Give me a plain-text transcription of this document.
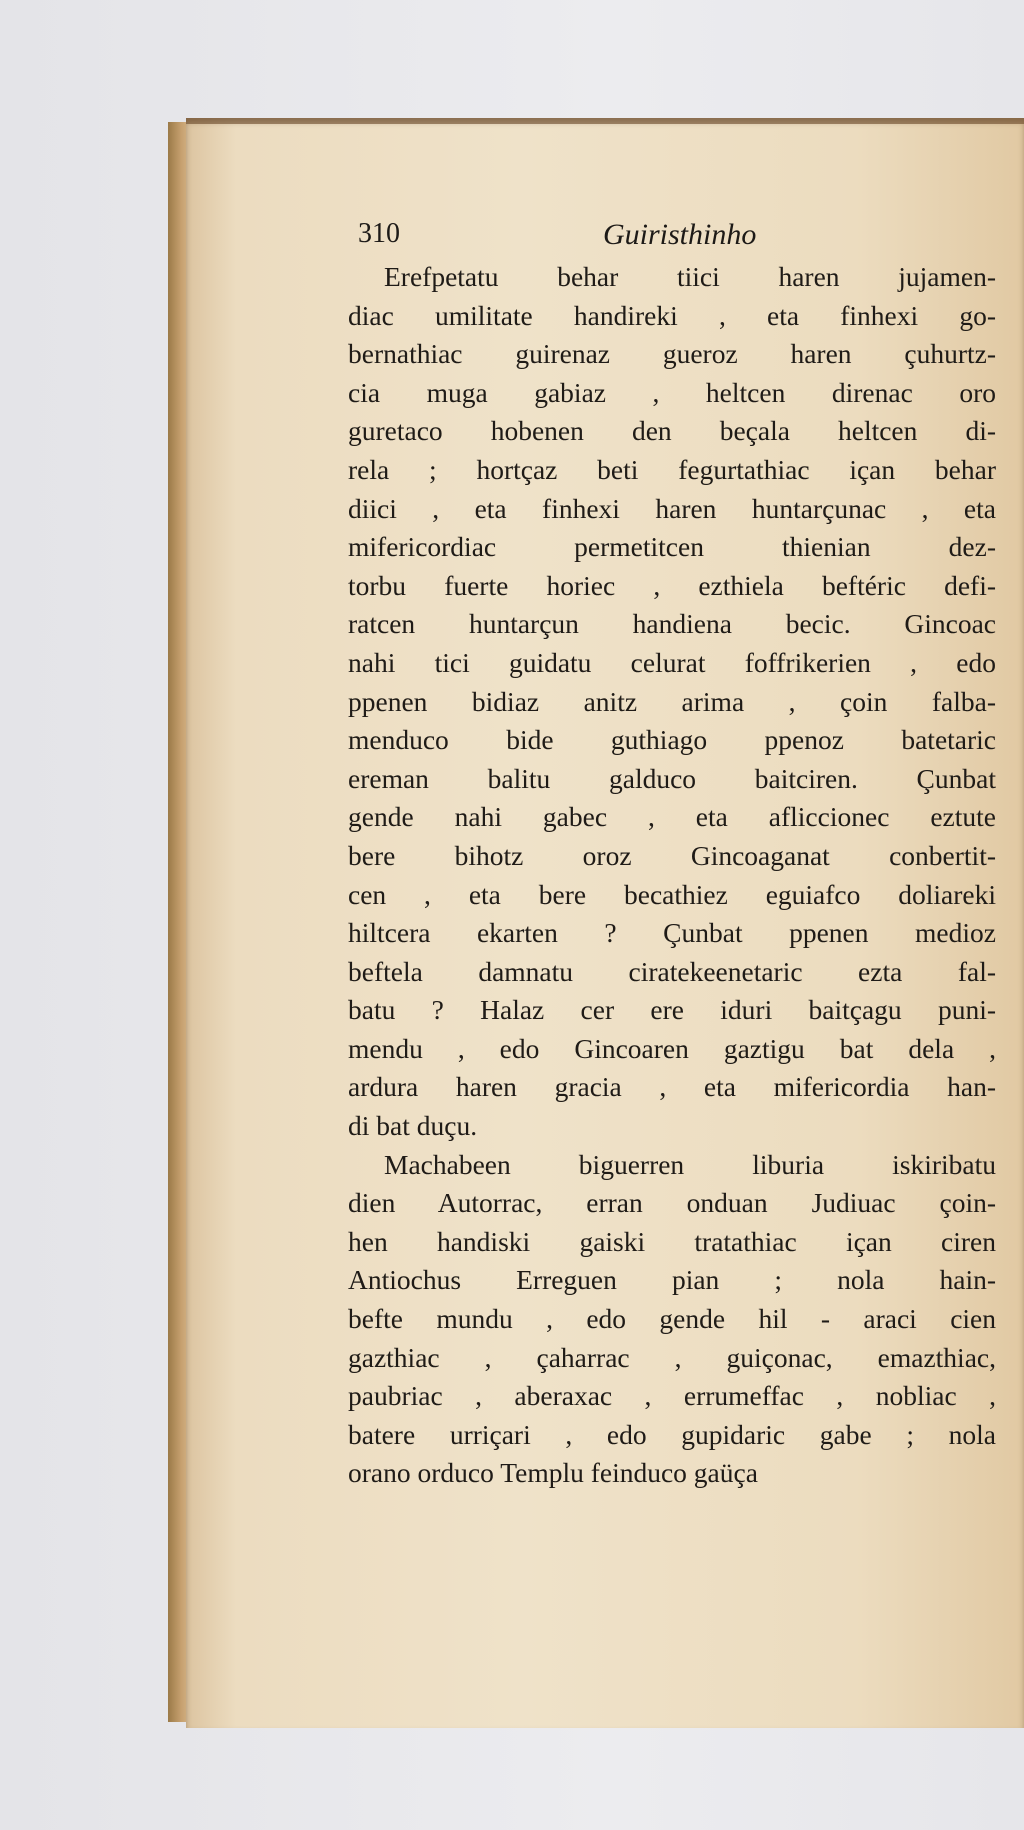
310	Guiristhinho
Erefpetatu behar tiici haren jujamen-
diac umilitate handireki , eta finhexi go-
bernathiac guirenaz gueroz haren çuhurtz-
cia muga gabiaz , heltcen direnac oro
guretaco hobenen den beçala heltcen di-
rela ; hortçaz beti fegurtathiac içan behar
diici , eta finhexi haren huntarçunac , eta
mifericordiac permetitcen thienian dez-
torbu fuerte horiec , ezthiela beftéric defi-
ratcen huntarçun handiena becic. Gincoac
nahi tici guidatu celurat foffrikerien , edo
ppenen bidiaz anitz arima , çoin falba-
menduco bide guthiago ppenoz batetaric
ereman balitu galduco baitciren. Çunbat
gende nahi gabec , eta afliccionec eztute
bere bihotz oroz Gincoaganat conbertit-
cen , eta bere becathiez eguiafco doliareki
hiltcera ekarten ? Çunbat ppenen medioz
beftela damnatu ciratekeenetaric ezta fal-
batu ? Halaz cer ere iduri baitçagu puni-
mendu , edo Gincoaren gaztigu bat dela ,
ardura haren gracia , eta mifericordia han-
di bat duçu.
Machabeen biguerren liburia iskiribatu
dien Autorrac, erran onduan Judiuac çoin-
hen handiski gaiski tratathiac içan ciren
Antiochus Erreguen pian ; nola hain-
befte mundu , edo gende hil - araci cien
gazthiac , çaharrac , guiçonac, emazthiac,
paubriac , aberaxac , errumeffac , nobliac ,
batere urriçari , edo gupidaric gabe ; nola
orano orduco Templu feinduco gaüça
